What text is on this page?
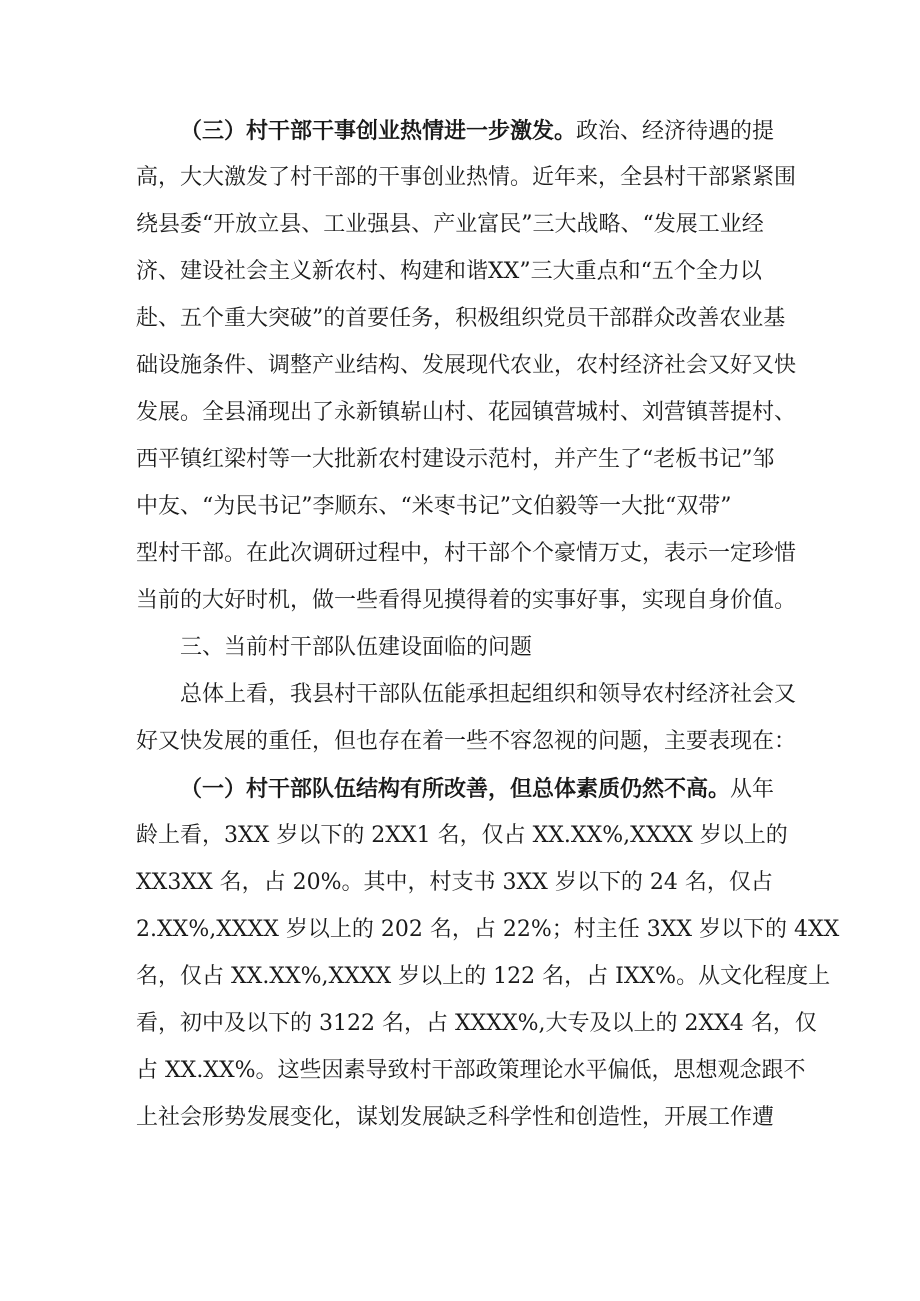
（三）村干部干事创业热情进一步激发。政治、经济待遇的提
高，大大激发了村干部的干事创业热情。近年来，全县村干部紧紧围
绕县委“开放立县、工业强县、产业富民”三大战略、“发展工业经
济、建设社会主义新农村、构建和谐XX”三大重点和“五个全力以
赴、五个重大突破”的首要任务，积极组织党员干部群众改善农业基
础设施条件、调整产业结构、发展现代农业，农村经济社会又好又快
发展。全县涌现出了永新镇崭山村、花园镇营城村、刘营镇菩提村、
西平镇红梁村等一大批新农村建设示范村，并产生了“老板书记”邹
中友、“为民书记”李顺东、“米枣书记”文伯毅等一大批“双带”
型村干部。在此次调研过程中，村干部个个豪情万丈，表示一定珍惜
当前的大好时机，做一些看得见摸得着的实事好事，实现自身价值。
三、当前村干部队伍建设面临的问题
总体上看，我县村干部队伍能承担起组织和领导农村经济社会又
好又快发展的重任，但也存在着一些不容忽视的问题，主要表现在：
（一）村干部队伍结构有所改善，但总体素质仍然不高。从年
龄上看，3XX 岁以下的 2XX1 名，仅占 XX.XX%,XXXX 岁以上的
XX3XX 名，占 20%。其中，村支书 3XX 岁以下的 24 名，仅占
2.XX%,XXXX 岁以上的 202 名，占 22%；村主任 3XX 岁以下的 4XX
名，仅占 XX.XX%,XXXX 岁以上的 122 名，占 IXX%。从文化程度上
看，初中及以下的 3122 名，占 XXXX%,大专及以上的 2XX4 名，仅
占 XX.XX%。这些因素导致村干部政策理论水平偏低，思想观念跟不
上社会形势发展变化，谋划发展缺乏科学性和创造性，开展工作遭
